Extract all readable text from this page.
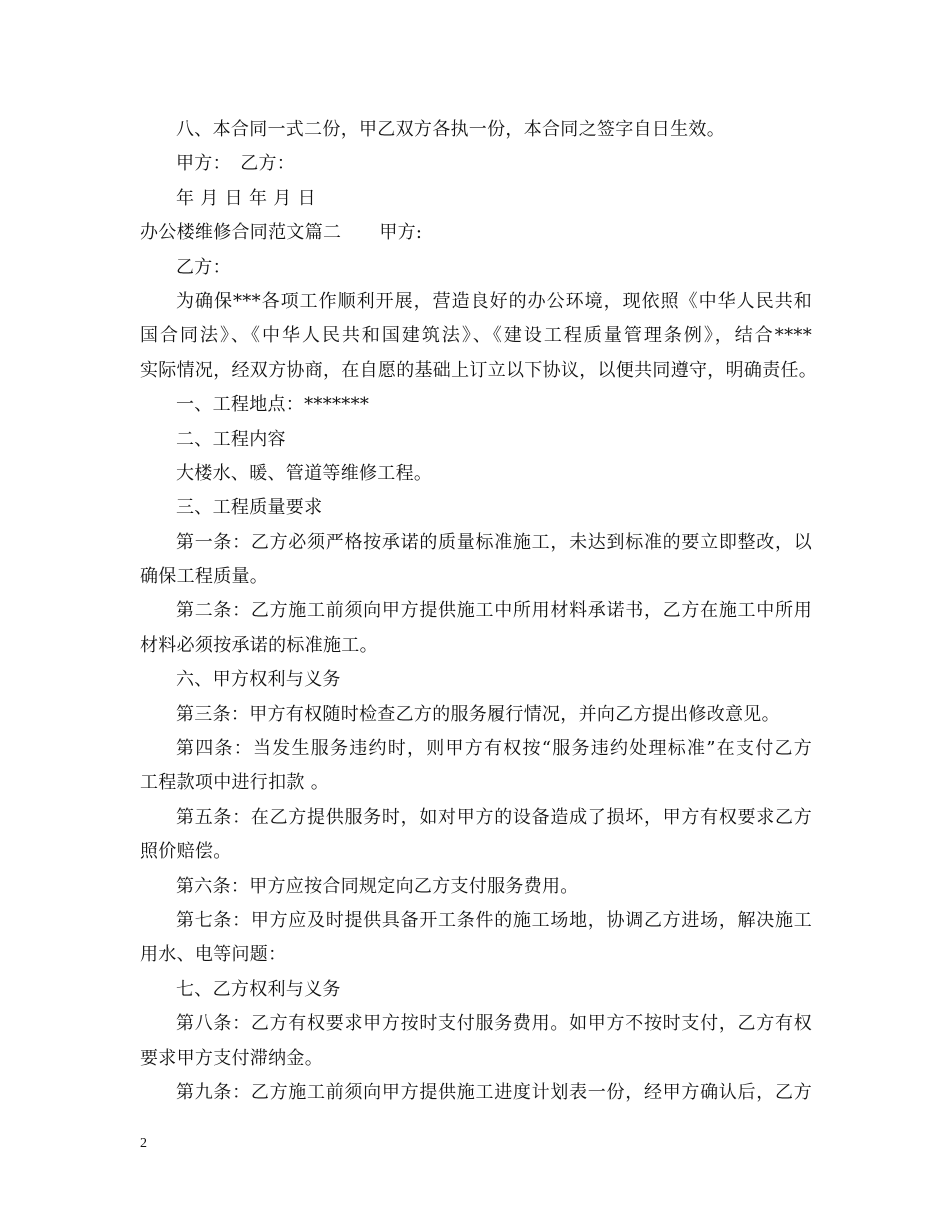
八、本合同一式二份，甲乙双方各执一份，本合同之签字自日生效。
甲方：　乙方：
年 月 日 年 月 日
办公楼维修合同范文篇二 甲方:
乙方：
为确保***各项工作顺利开展，营造良好的办公环境，现依照《中华人民共和
国合同法》、《中华人民共和国建筑法》、《建设工程质量管理条例》，结合****
实际情况，经双方协商，在自愿的基础上订立以下协议，以便共同遵守，明确责任。
一、工程地点：*******
二、工程内容
大楼水、暖、管道等维修工程。
三、工程质量要求
第一条：乙方必须严格按承诺的质量标准施工，未达到标准的要立即整改，以
确保工程质量。
第二条：乙方施工前须向甲方提供施工中所用材料承诺书，乙方在施工中所用
材料必须按承诺的标准施工。
六、甲方权利与义务
第三条：甲方有权随时检查乙方的服务履行情况，并向乙方提出修改意见。
第四条：当发生服务违约时，则甲方有权按“服务违约处理标准”在支付乙方
工程款项中进行扣款 。
第五条：在乙方提供服务时，如对甲方的设备造成了损坏，甲方有权要求乙方
照价赔偿。
第六条：甲方应按合同规定向乙方支付服务费用。
第七条：甲方应及时提供具备开工条件的施工场地，协调乙方进场，解决施工
用水、电等问题：
七、乙方权利与义务
第八条：乙方有权要求甲方按时支付服务费用。如甲方不按时支付，乙方有权
要求甲方支付滞纳金。
第九条：乙方施工前须向甲方提供施工进度计划表一份，经甲方确认后，乙方
2
